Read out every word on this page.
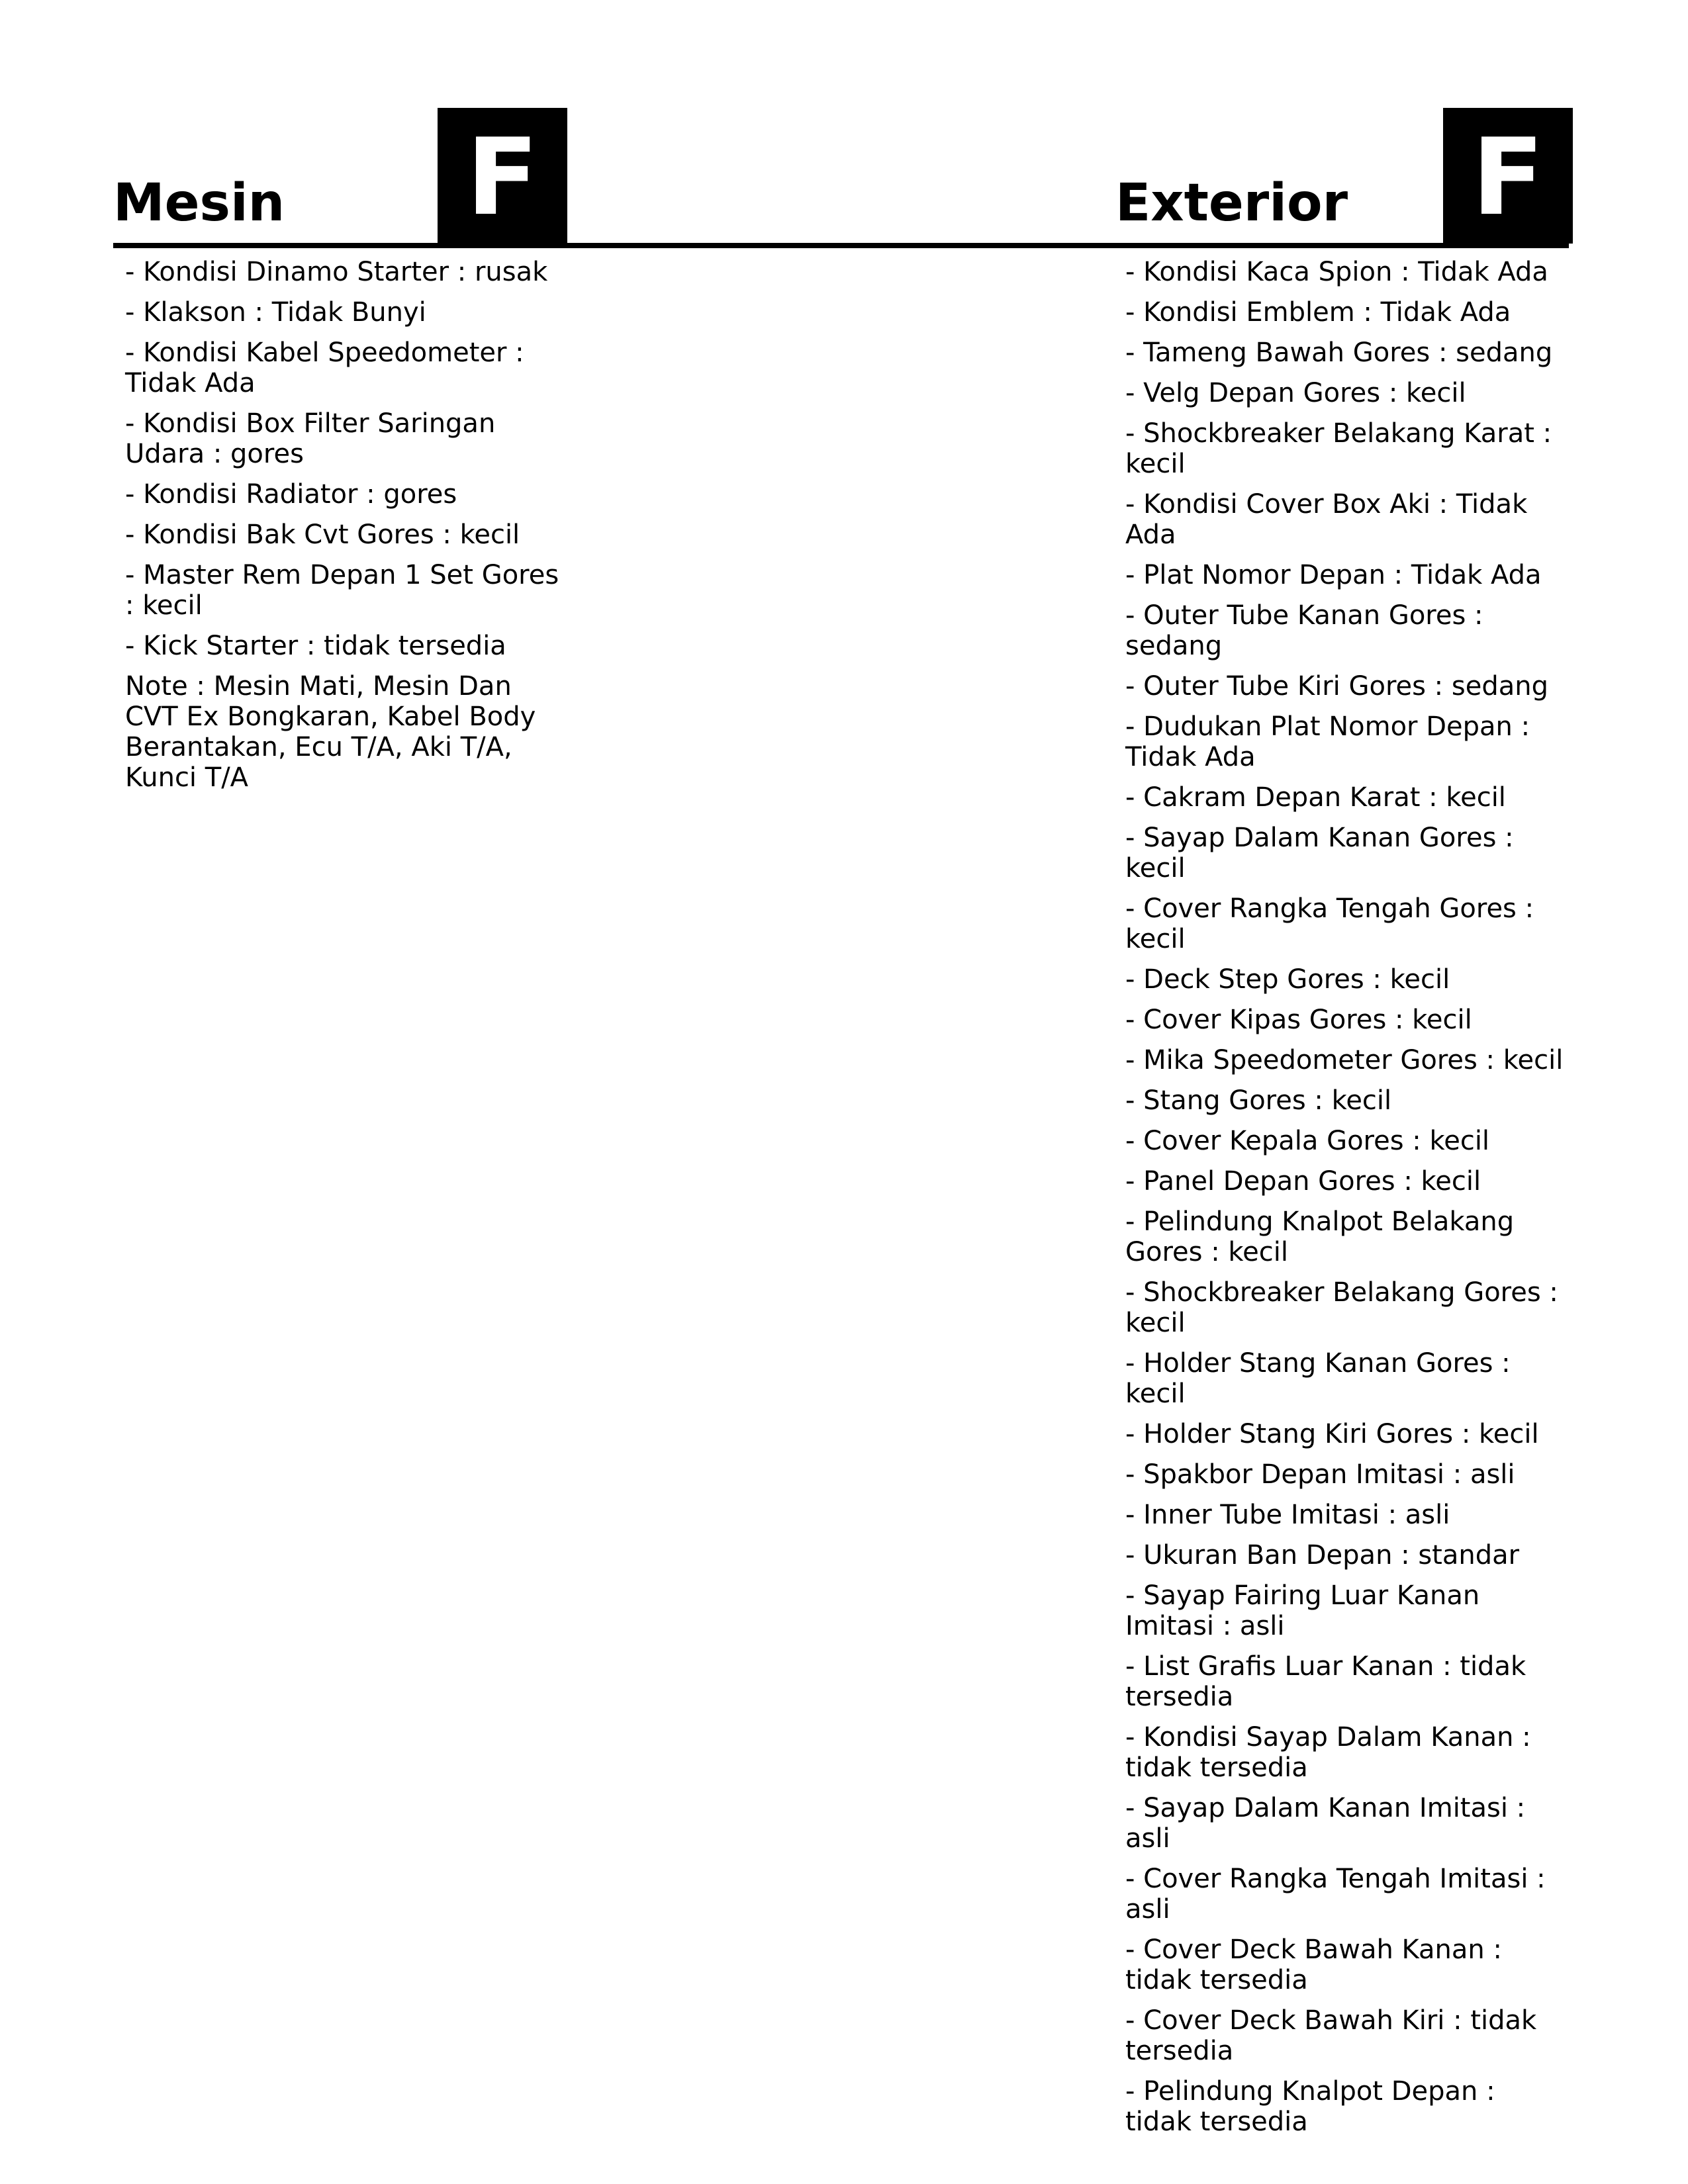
Mesin F	Exterior F
- Kondisi Dinamo Starter : rusak
- Klakson : Tidak Bunyi
- Kondisi Kabel Speedometer : Tidak Ada
- Kondisi Box Filter Saringan Udara : gores
- Kondisi Radiator : gores
- Kondisi Bak Cvt Gores : kecil
- Master Rem Depan 1 Set Gores : kecil
- Kick Starter : tidak tersedia
Note : Mesin Mati, Mesin Dan CVT Ex Bongkaran, Kabel Body Berantakan, Ecu T/A, Aki T/A, Kunci T/A
- Kondisi Kaca Spion : Tidak Ada
- Kondisi Emblem : Tidak Ada
- Tameng Bawah Gores : sedang
- Velg Depan Gores : kecil
- Shockbreaker Belakang Karat : kecil
- Kondisi Cover Box Aki : Tidak Ada
- Plat Nomor Depan : Tidak Ada
- Outer Tube Kanan Gores : sedang
- Outer Tube Kiri Gores : sedang
- Dudukan Plat Nomor Depan : Tidak Ada
- Cakram Depan Karat : kecil
- Sayap Dalam Kanan Gores : kecil
- Cover Rangka Tengah Gores : kecil
- Deck Step Gores : kecil
- Cover Kipas Gores : kecil
- Mika Speedometer Gores : kecil
- Stang Gores : kecil
- Cover Kepala Gores : kecil
- Panel Depan Gores : kecil
- Pelindung Knalpot Belakang Gores : kecil
- Shockbreaker Belakang Gores : kecil
- Holder Stang Kanan Gores : kecil
- Holder Stang Kiri Gores : kecil
- Spakbor Depan Imitasi : asli
- Inner Tube Imitasi : asli
- Ukuran Ban Depan : standar
- Sayap Fairing Luar Kanan Imitasi : asli
- List Grafis Luar Kanan : tidak tersedia
- Kondisi Sayap Dalam Kanan : tidak tersedia
- Sayap Dalam Kanan Imitasi : asli
- Cover Rangka Tengah Imitasi : asli
- Cover Deck Bawah Kanan : tidak tersedia
- Cover Deck Bawah Kiri : tidak tersedia
- Pelindung Knalpot Depan : tidak tersedia
